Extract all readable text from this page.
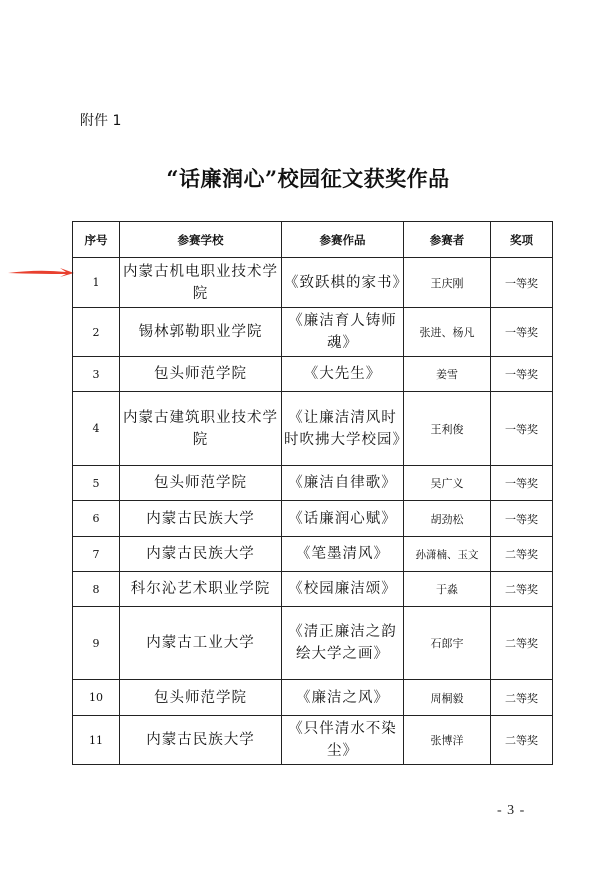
附件 1
“话廉润心”校园征文获奖作品
序号	参赛学校	参赛作品	参赛者	奖项
1	内蒙古机电职业技术学院	《致跃棋的家书》	王庆刚	一等奖
2	锡林郭勒职业学院	《廉洁育人铸师魂》	张进、杨凡	一等奖
3	包头师范学院	《大先生》	姜雪	一等奖
4	内蒙古建筑职业技术学院	《让廉洁清风时时吹拂大学校园》	王利俊	一等奖
5	包头师范学院	《廉洁自律歌》	吴广义	一等奖
6	内蒙古民族大学	《话廉润心赋》	胡劲松	一等奖
7	内蒙古民族大学	《笔墨清风》	孙潇楠、玉文	二等奖
8	科尔沁艺术职业学院	《校园廉洁颂》	于淼	二等奖
9	内蒙古工业大学	《清正廉洁之韵 绘大学之画》	石郎宇	二等奖
10	包头师范学院	《廉洁之风》	周桐毅	二等奖
11	内蒙古民族大学	《只伴清水不染尘》	张博洋	二等奖
- 3 -
